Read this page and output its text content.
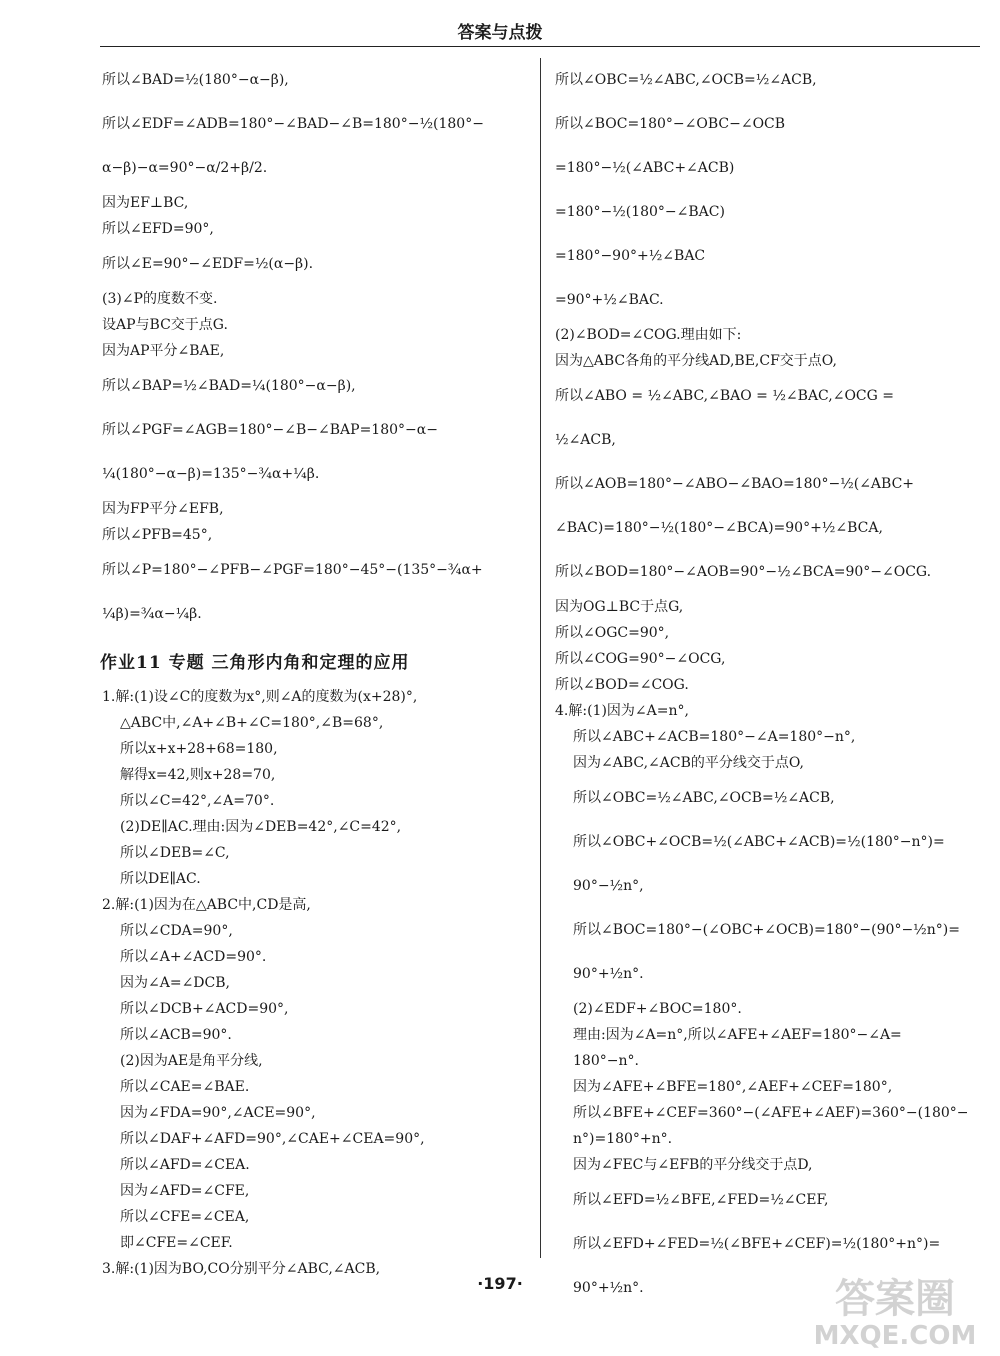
答案与点拨
所以∠BAD=½(180°−α−β),
所以∠EDF=∠ADB=180°−∠BAD−∠B=180°−½(180°−
α−β)−α=90°−α/2+β/2.
因为EF⊥BC,
所以∠EFD=90°,
所以∠E=90°−∠EDF=½(α−β).
(3)∠P的度数不变.
设AP与BC交于点G.
因为AP平分∠BAE,
所以∠BAP=½∠BAD=¼(180°−α−β),
所以∠PGF=∠AGB=180°−∠B−∠BAP=180°−α−
¼(180°−α−β)=135°−¾α+¼β.
因为FP平分∠EFB,
所以∠PFB=45°,
所以∠P=180°−∠PFB−∠PGF=180°−45°−(135°−¾α+
¼β)=¾α−¼β.
作业11 专题 三角形内角和定理的应用
1.解:(1)设∠C的度数为x°,则∠A的度数为(x+28)°,
△ABC中,∠A+∠B+∠C=180°,∠B=68°,
所以x+x+28+68=180,
解得x=42,则x+28=70,
所以∠C=42°,∠A=70°.
(2)DE∥AC.理由:因为∠DEB=42°,∠C=42°,
所以∠DEB=∠C,
所以DE∥AC.
2.解:(1)因为在△ABC中,CD是高,
所以∠CDA=90°,
所以∠A+∠ACD=90°.
因为∠A=∠DCB,
所以∠DCB+∠ACD=90°,
所以∠ACB=90°.
(2)因为AE是角平分线,
所以∠CAE=∠BAE.
因为∠FDA=90°,∠ACE=90°,
所以∠DAF+∠AFD=90°,∠CAE+∠CEA=90°,
所以∠AFD=∠CEA.
因为∠AFD=∠CFE,
所以∠CFE=∠CEA,
即∠CFE=∠CEF.
3.解:(1)因为BO,CO分别平分∠ABC,∠ACB,
所以∠OBC=½∠ABC,∠OCB=½∠ACB,
所以∠BOC=180°−∠OBC−∠OCB
=180°−½(∠ABC+∠ACB)
=180°−½(180°−∠BAC)
=180°−90°+½∠BAC
=90°+½∠BAC.
(2)∠BOD=∠COG.理由如下:
因为△ABC各角的平分线AD,BE,CF交于点O,
所以∠ABO = ½∠ABC,∠BAO = ½∠BAC,∠OCG =
½∠ACB,
所以∠AOB=180°−∠ABO−∠BAO=180°−½(∠ABC+
∠BAC)=180°−½(180°−∠BCA)=90°+½∠BCA,
所以∠BOD=180°−∠AOB=90°−½∠BCA=90°−∠OCG.
因为OG⊥BC于点G,
所以∠OGC=90°,
所以∠COG=90°−∠OCG,
所以∠BOD=∠COG.
4.解:(1)因为∠A=n°,
所以∠ABC+∠ACB=180°−∠A=180°−n°,
因为∠ABC,∠ACB的平分线交于点O,
所以∠OBC=½∠ABC,∠OCB=½∠ACB,
所以∠OBC+∠OCB=½(∠ABC+∠ACB)=½(180°−n°)=
90°−½n°,
所以∠BOC=180°−(∠OBC+∠OCB)=180°−(90°−½n°)=
90°+½n°.
(2)∠EDF+∠BOC=180°.
理由:因为∠A=n°,所以∠AFE+∠AEF=180°−∠A=
180°−n°.
因为∠AFE+∠BFE=180°,∠AEF+∠CEF=180°,
所以∠BFE+∠CEF=360°−(∠AFE+∠AEF)=360°−(180°−
n°)=180°+n°.
因为∠FEC与∠EFB的平分线交于点D,
所以∠EFD=½∠BFE,∠FED=½∠CEF,
所以∠EFD+∠FED=½(∠BFE+∠CEF)=½(180°+n°)=
90°+½n°.
·197·	答案圈
MXQE.COM
